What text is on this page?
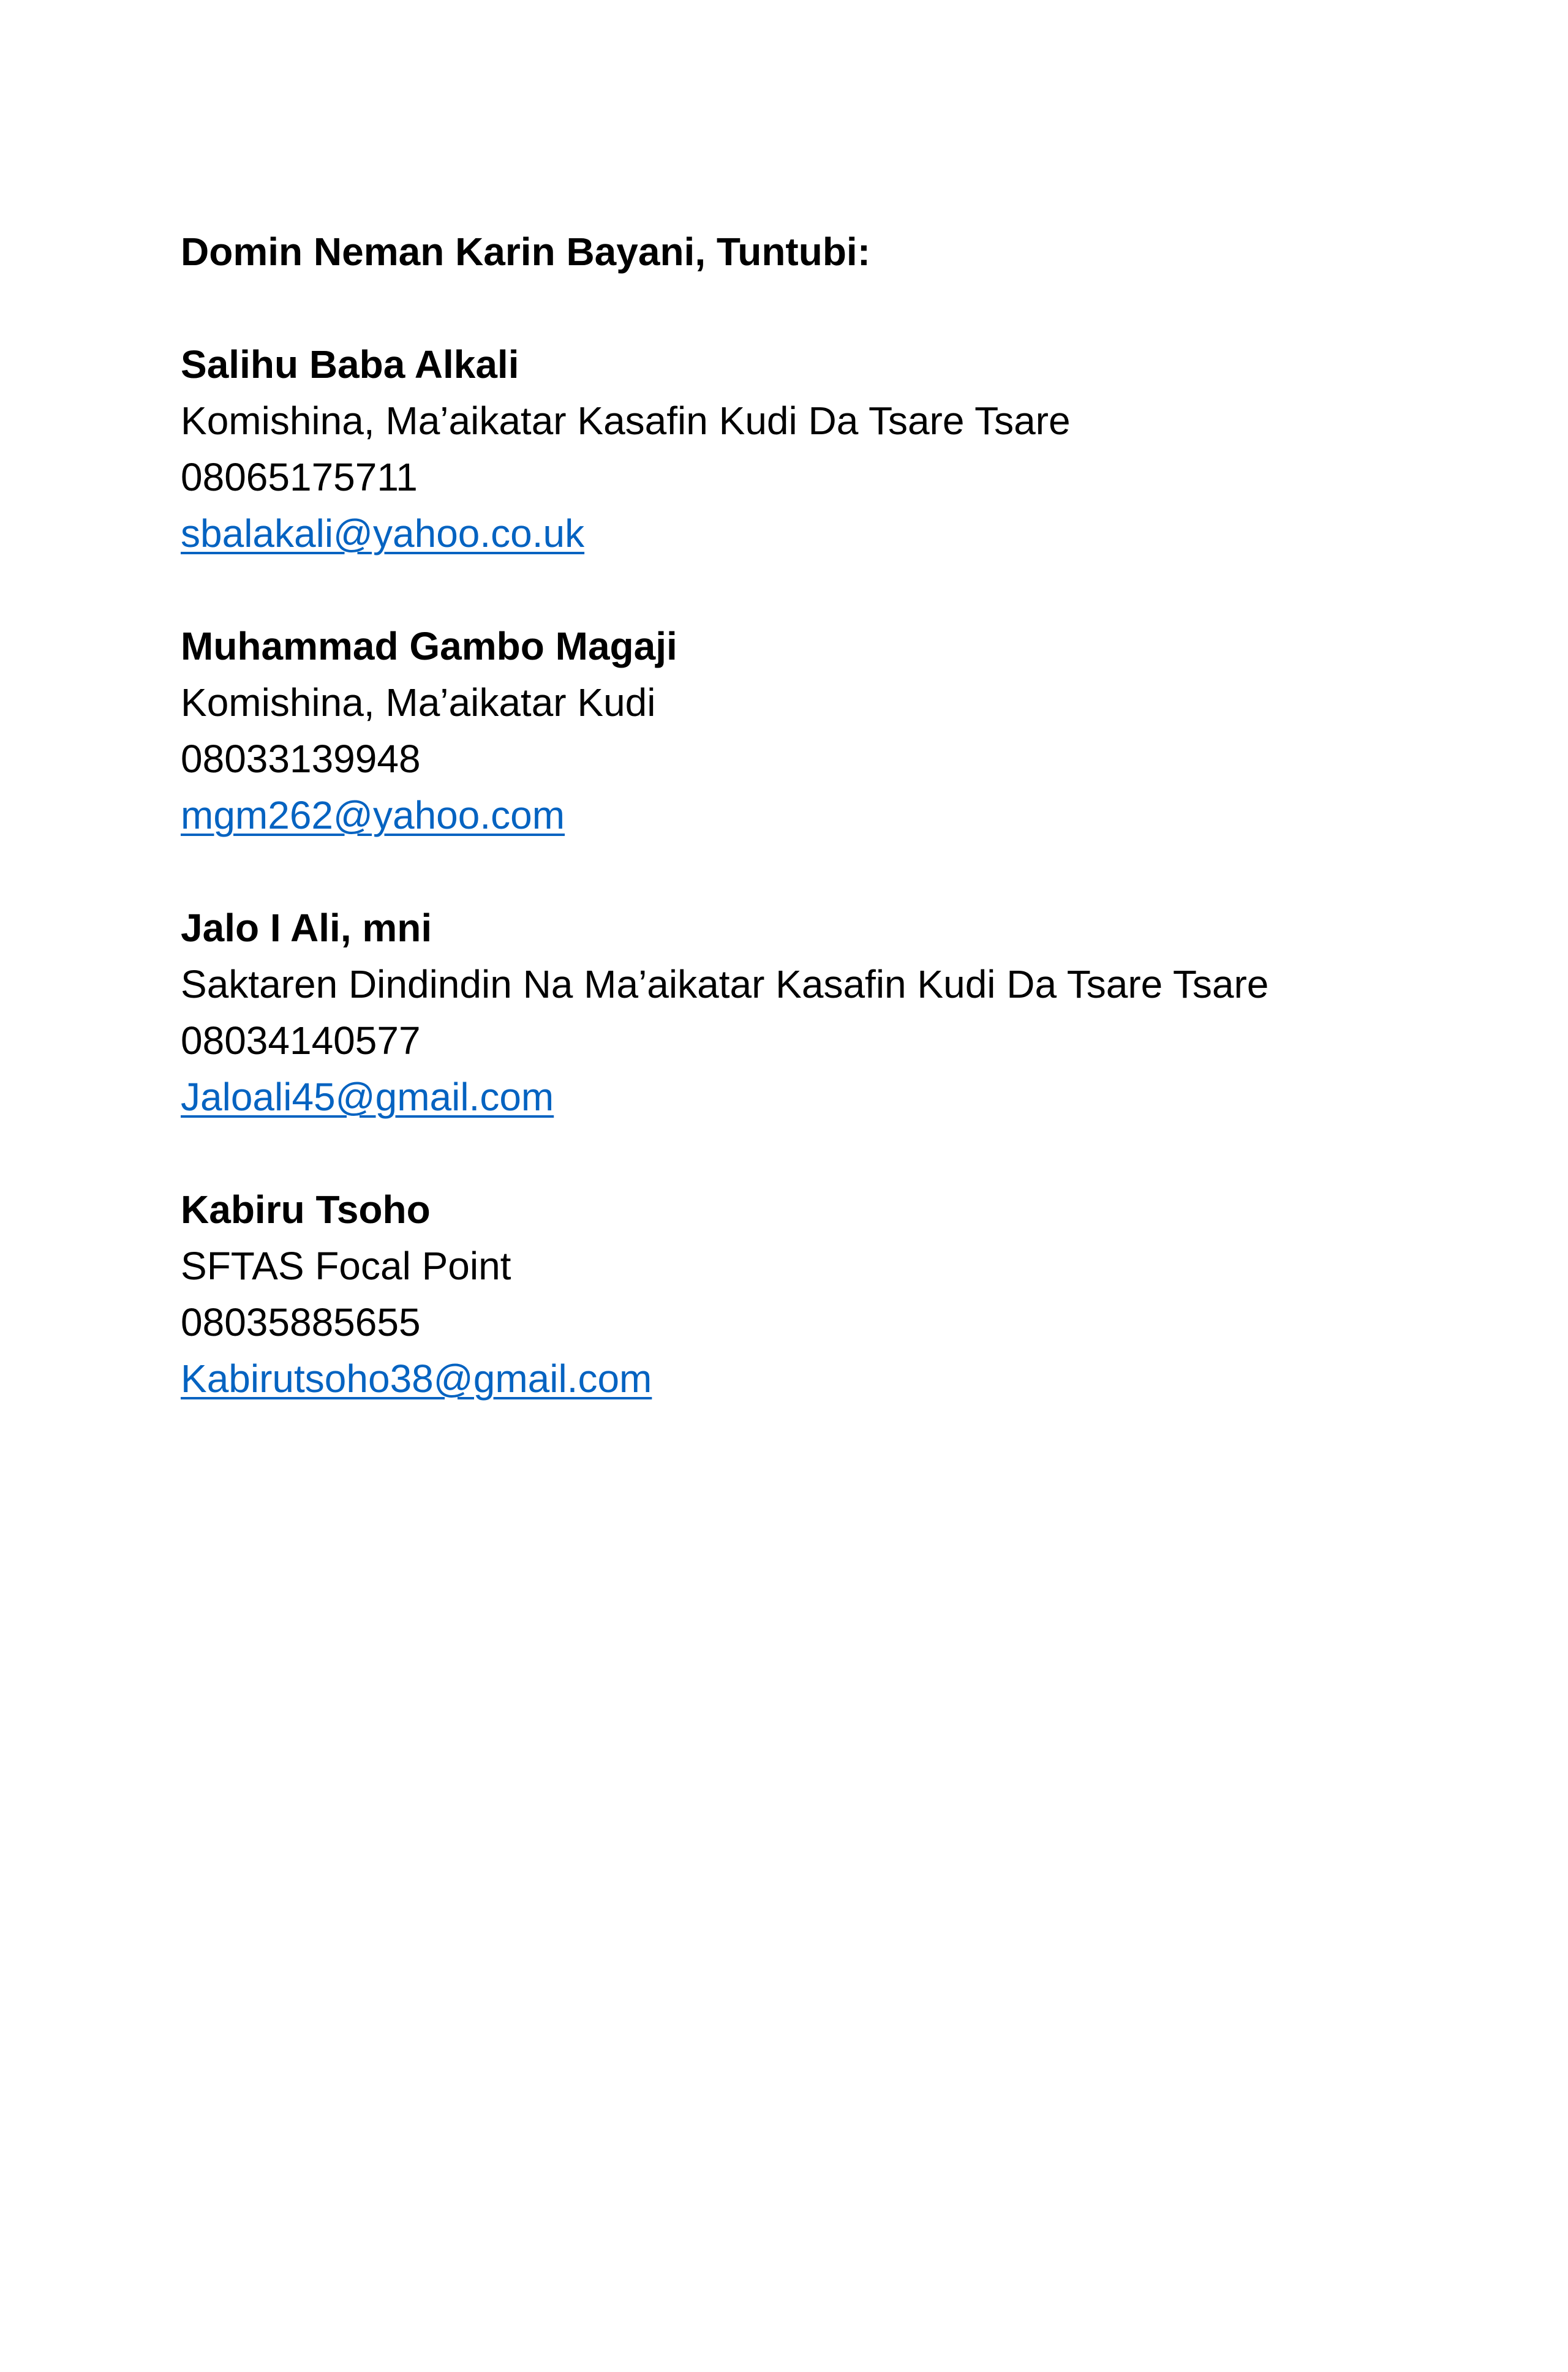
Domin Neman Karin Bayani, Tuntubi:

Salihu Baba Alkali

Komishina, Ma’aikatar Kasafin Kudi Da Tsare Tsare

08065175711

sbalakali@yahoo.co.uk

Muhammad Gambo Magaji

Komishina, Ma’aikatar Kudi

08033139948

mgm262@yahoo.com

Jalo I Ali, mni

Saktaren Dindindin Na Ma’aikatar Kasafin Kudi Da Tsare Tsare

08034140577

Jaloali45@gmail.com

Kabiru Tsoho

SFTAS Focal Point

08035885655

Kabirutsoho38@gmail.com
